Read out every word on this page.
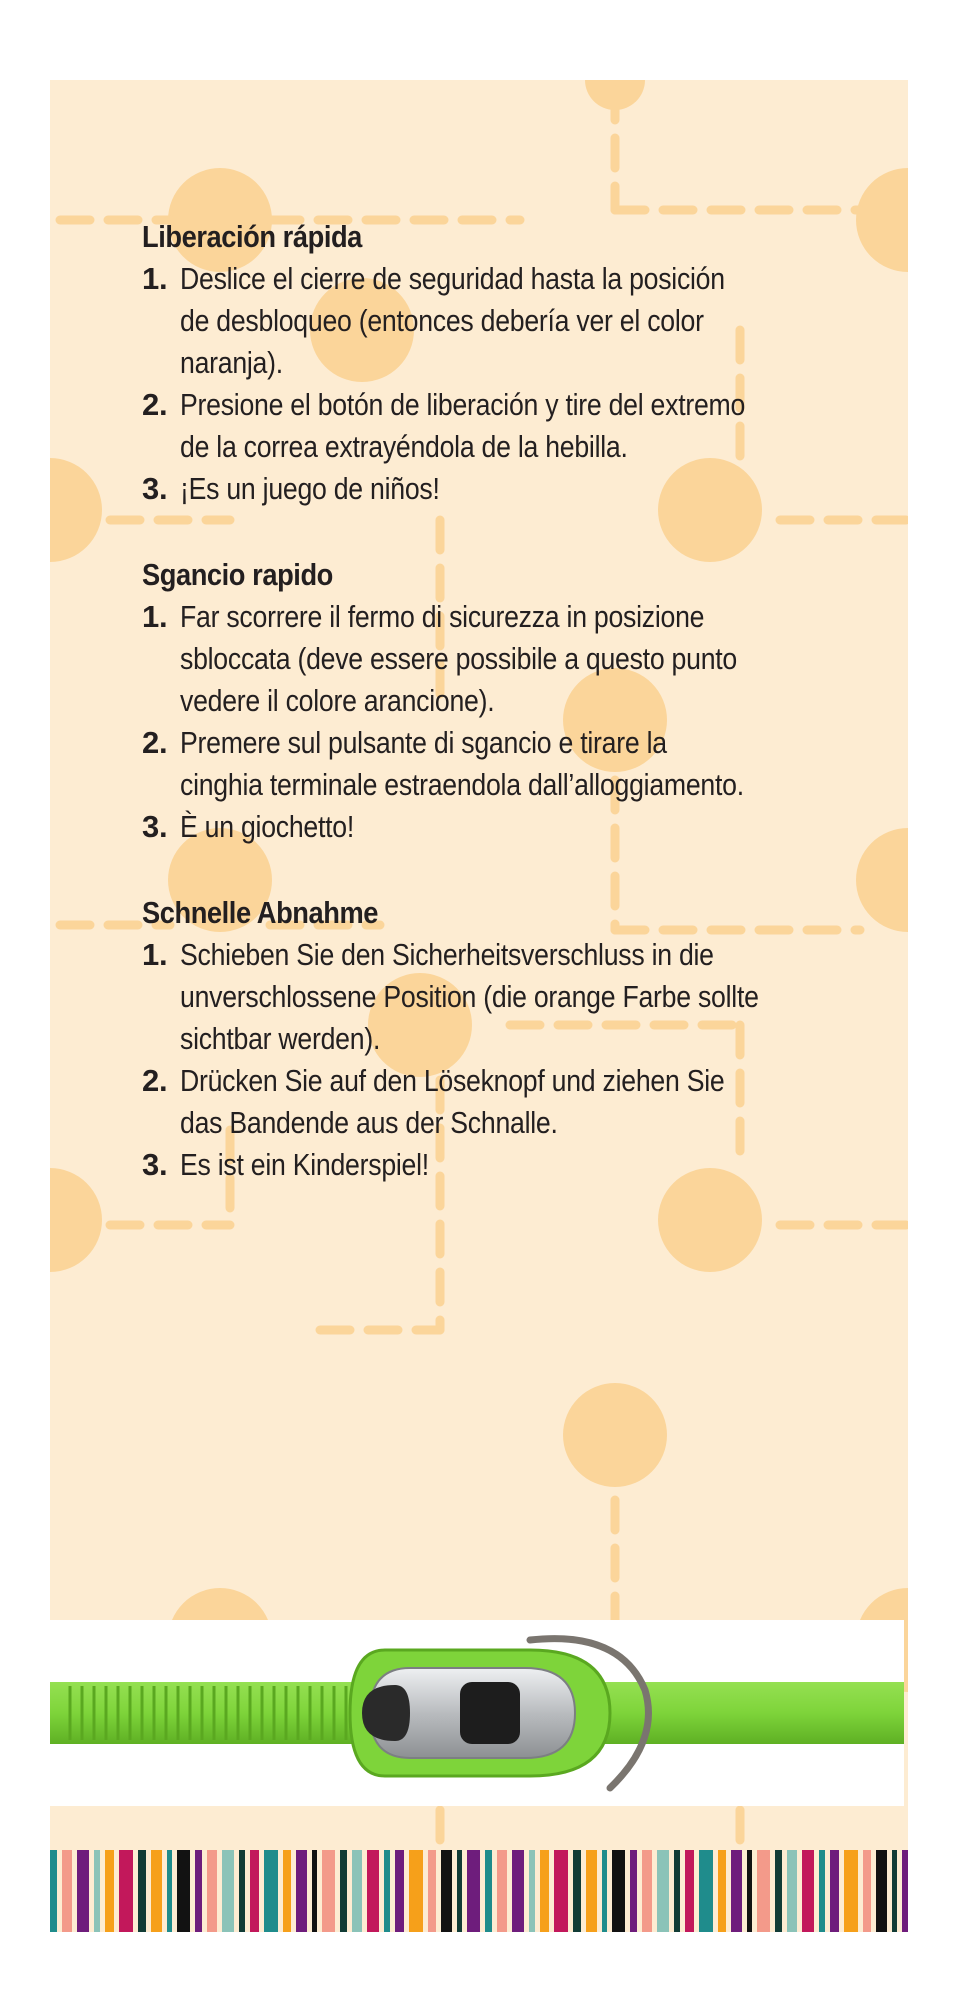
Liberación rápida
1. Deslice el cierre de seguridad hasta la posición
de desbloqueo (entonces debería ver el color
naranja).
2. Presione el botón de liberación y tire del extremo
de la correa extrayéndola de la hebilla.
3. ¡Es un juego de niños!
Sgancio rapido
1. Far scorrere il fermo di sicurezza in posizione
sbloccata (deve essere possibile a questo punto
vedere il colore arancione).
2. Premere sul pulsante di sgancio e tirare la
cinghia terminale estraendola dall’alloggiamento.
3. È un giochetto!
Schnelle Abnahme
1. Schieben Sie den Sicherheitsverschluss in die
unverschlossene Position (die orange Farbe sollte
sichtbar werden).
2. Drücken Sie auf den Löseknopf und ziehen Sie
das Bandende aus der Schnalle.
3. Es ist ein Kinderspiel!
